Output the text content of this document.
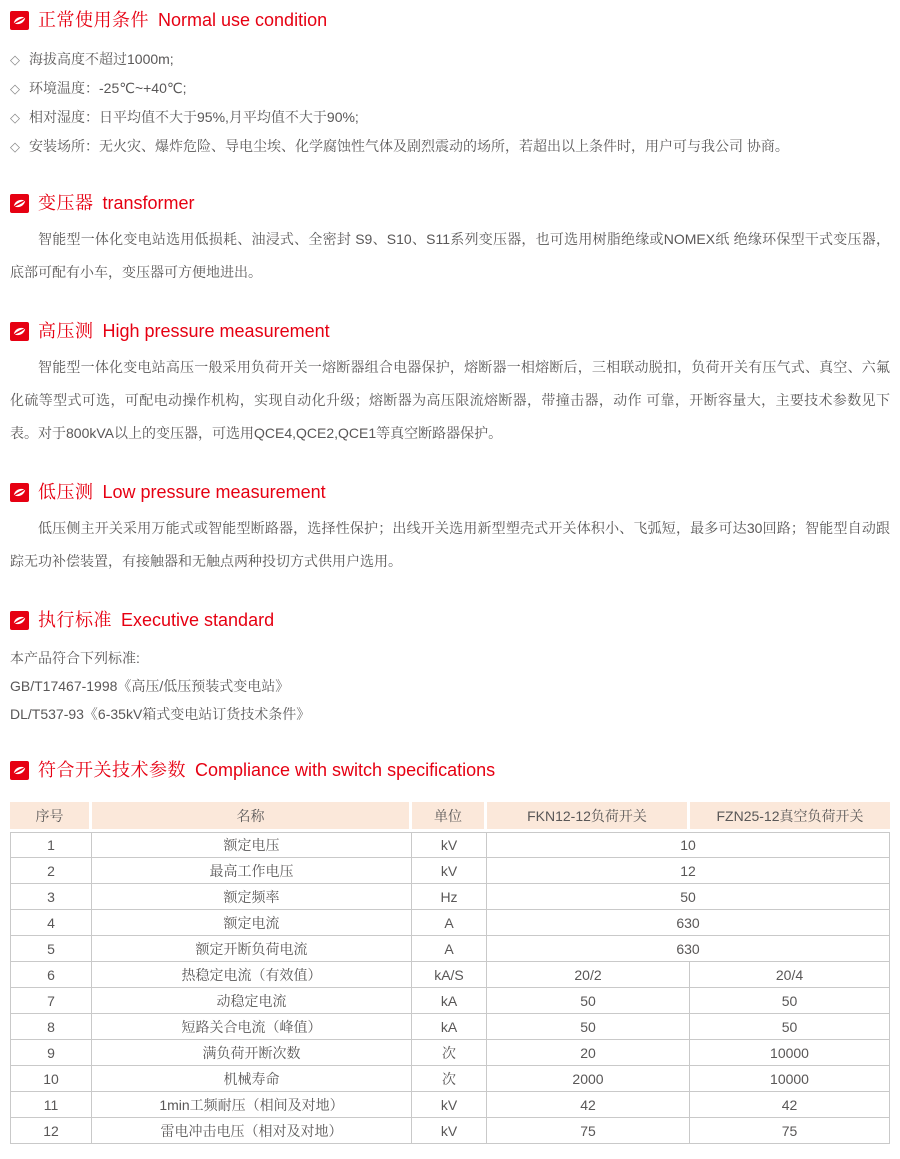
正常使用条件 Normal use condition
◇ 海拔高度不超过1000m;
◇ 环境温度：-25℃~+40℃;
◇ 相对湿度：日平均值不大于95%,月平均值不大于90%;
◇ 安装场所：无火灾、爆炸危险、导电尘埃、化学腐蚀性气体及剧烈震动的场所，若超出以上条件时，用户可与我公司 协商。
变压器 transformer

智能型一体化变电站选用低损耗、油浸式、全密封 S9、S10、S11系列变压器，也可选用树脂绝缘或NOMEX纸 绝缘环保型干式变压器，底部可配有小车，变压器可方便地进出。

高压测 High pressure measurement

智能型一体化变电站高压一般采用负荷开关一熔断器组合电器保护，熔断器一相熔断后，三相联动脱扣，负荷开关有压气式、真空、六氟化硫等型式可选，可配电动操作机构，实现自动化升级；熔断器为高压限流熔断器，带撞击器，动作 可靠，开断容量大，主要技术参数见下表。对于800kVA以上的变压器，可选用QCE4,QCE2,QCE1等真空断路器保护。

低压测 Low pressure measurement

低压侧主开关采用万能式或智能型断路器，选择性保护；出线开关选用新型塑壳式开关体积小、飞弧短，最多可达30回路；智能型自动跟踪无功补偿装置，有接触器和无触点两种投切方式供用户选用。

执行标准 Executive standard
本产品符合下列标准:
GB/T17467-1998《高压/低压预装式变电站》
DL/T537-93《6-35kV箱式变电站订货技术条件》
符合开关技术参数 Compliance with switch specifications
序号	名称	单位	FKN12-12负荷开关	FZN25-12真空负荷开关
1	额定电压	kV	10	
2	最高工作电压	kV	12	
3	额定频率	Hz	50	
4	额定电流	A	630	
5	额定开断负荷电流	A	630	
6	热稳定电流（有效值）	kA/S	20/2	20/4
7	动稳定电流	kA	50	50
8	短路关合电流（峰值）	kA	50	50
9	满负荷开断次数	次	20	10000
10	机械寿命	次	2000	10000
11	1min工频耐压（相间及对地）	kV	42	42
12	雷电冲击电压（相对及对地）	kV	75	75
